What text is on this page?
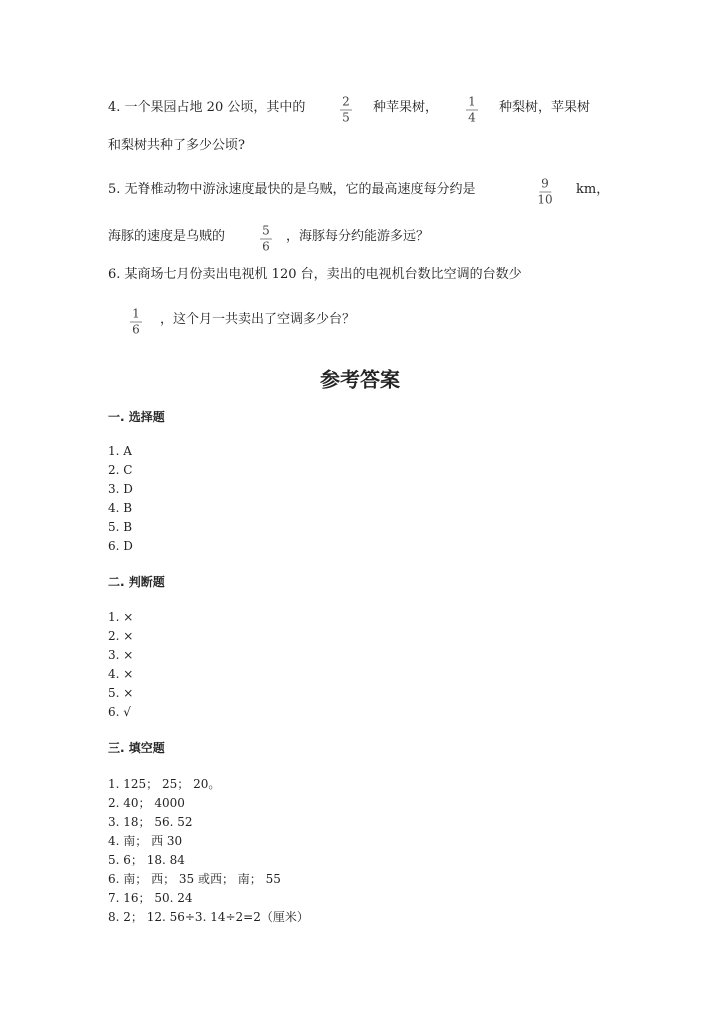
4. 一个果园占地 20 公顷，其中的	2
5
种苹果树，	1
4
种梨树，苹果树
和梨树共种了多少公顷?
5. 无脊椎动物中游泳速度最快的是乌贼，它的最高速度每分约是	9
10
km，
海豚的速度是乌贼的	5
6
，海豚每分约能游多远？
6. 某商场七月份卖出电视机 120 台，卖出的电视机台数比空调的台数少
1
6
，这个月一共卖出了空调多少台？
参考答案
一. 选择题
1. A
2. C
3. D
4. B
5. B
6. D
二. 判断题
1. ×
2. ×
3. ×
4. ×
5. ×
6. √
三. 填空题
1. 125； 25； 20。
2. 40； 4000
3. 18； 56. 52
4. 南； 西 30
5. 6； 18. 84
6. 南； 西； 35 或西； 南； 55
7. 16； 50. 24
8. 2； 12. 56÷3. 14÷2=2（厘米）
